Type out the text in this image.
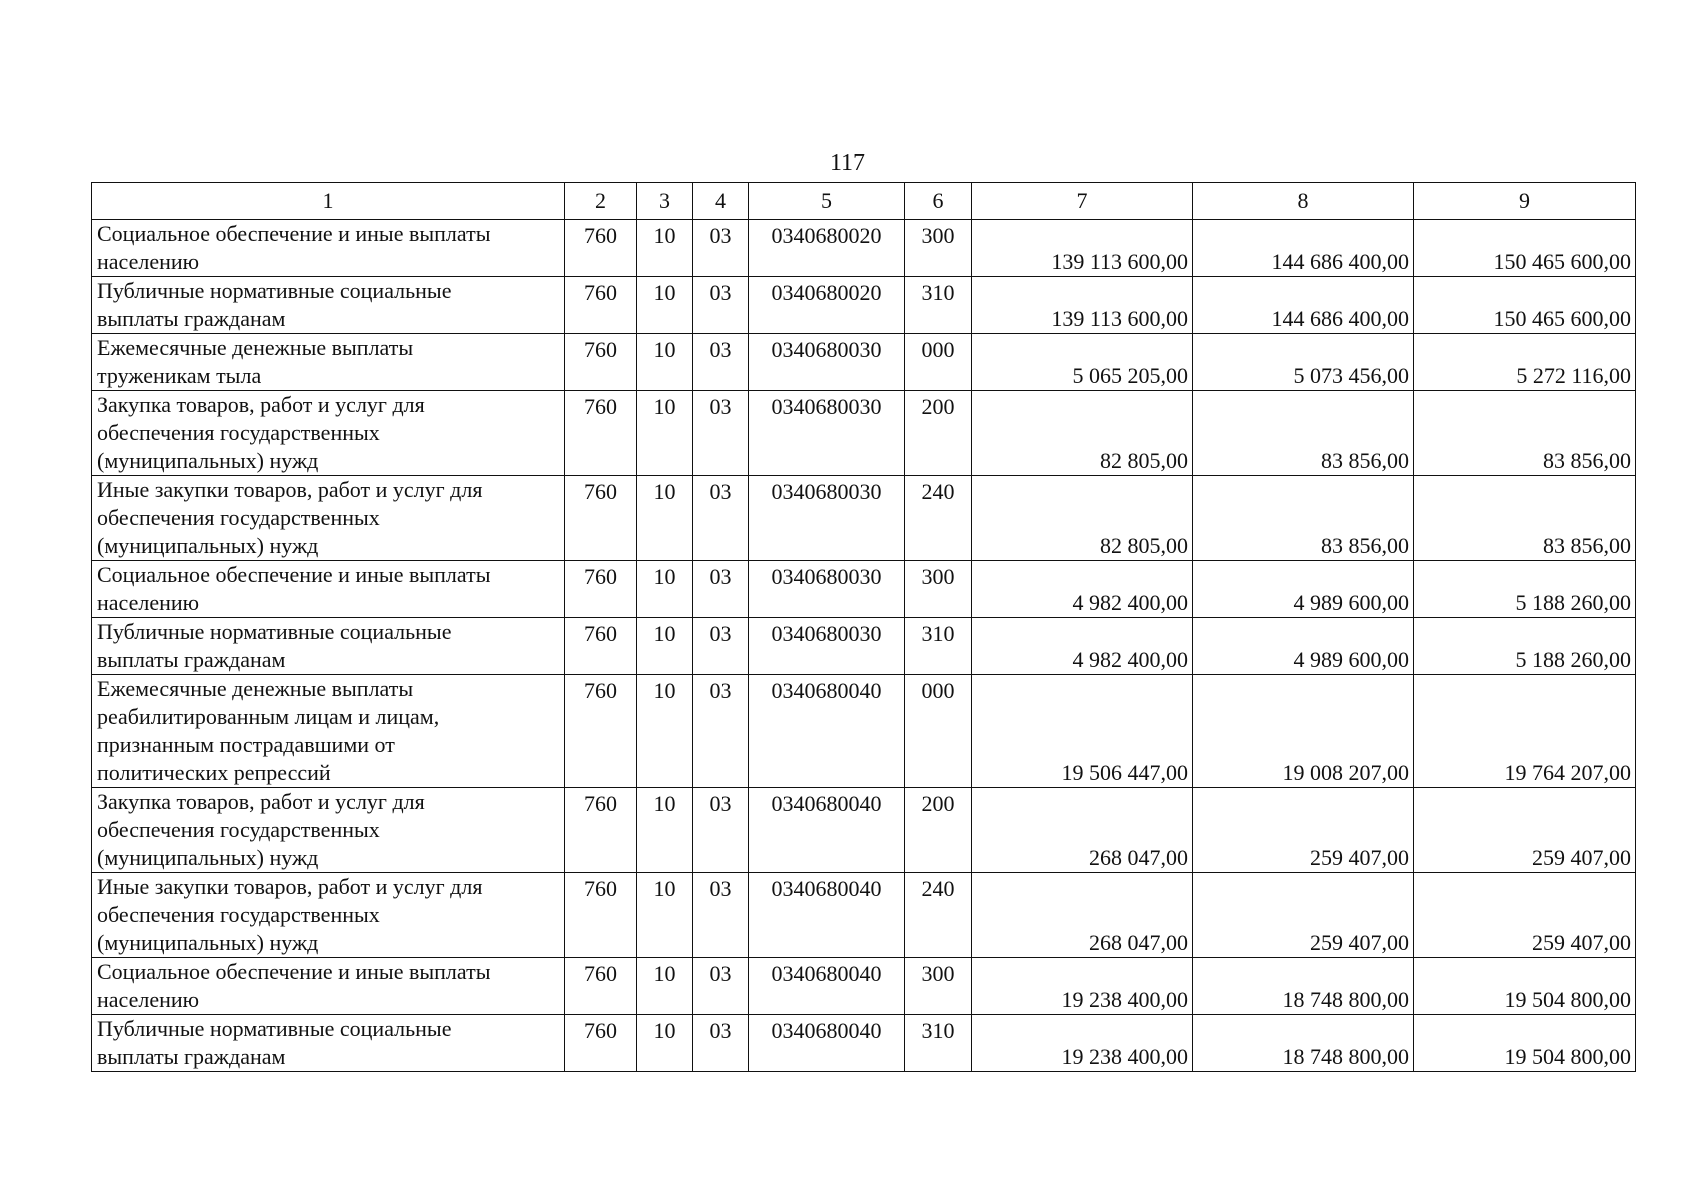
117
1	2	3	4	5	6	7	8	9

Социальное обеспечение и иные выплаты
населению	760	10	03	0340680020	300	139 113 600,00	144 686 400,00	150 465 600,00

Публичные нормативные социальные
выплаты гражданам	760	10	03	0340680020	310	139 113 600,00	144 686 400,00	150 465 600,00

Ежемесячные денежные выплаты
труженикам тыла	760	10	03	0340680030	000	5 065 205,00	5 073 456,00	5 272 116,00

Закупка товаров, работ и услуг для
обеспечения государственных
(муниципальных) нужд	760	10	03	0340680030	200	82 805,00	83 856,00	83 856,00

Иные закупки товаров, работ и услуг для
обеспечения государственных
(муниципальных) нужд	760	10	03	0340680030	240	82 805,00	83 856,00	83 856,00

Социальное обеспечение и иные выплаты
населению	760	10	03	0340680030	300	4 982 400,00	4 989 600,00	5 188 260,00

Публичные нормативные социальные
выплаты гражданам	760	10	03	0340680030	310	4 982 400,00	4 989 600,00	5 188 260,00

Ежемесячные денежные выплаты
реабилитированным лицам и лицам,
признанным пострадавшими от
политических репрессий	760	10	03	0340680040	000	19 506 447,00	19 008 207,00	19 764 207,00

Закупка товаров, работ и услуг для
обеспечения государственных
(муниципальных) нужд	760	10	03	0340680040	200	268 047,00	259 407,00	259 407,00

Иные закупки товаров, работ и услуг для
обеспечения государственных
(муниципальных) нужд	760	10	03	0340680040	240	268 047,00	259 407,00	259 407,00

Социальное обеспечение и иные выплаты
населению	760	10	03	0340680040	300	19 238 400,00	18 748 800,00	19 504 800,00

Публичные нормативные социальные
выплаты гражданам	760	10	03	0340680040	310	19 238 400,00	18 748 800,00	19 504 800,00
